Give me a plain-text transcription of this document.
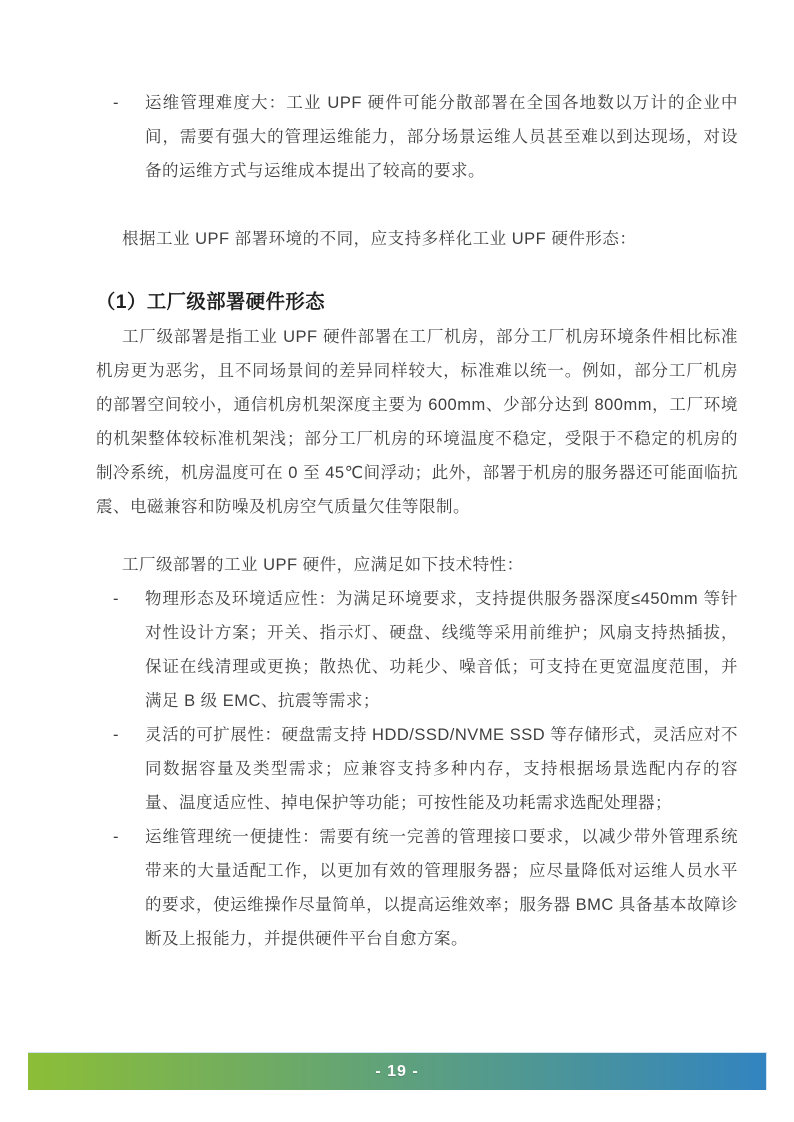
-	运维管理难度大：工业 UPF 硬件可能分散部署在全国各地数以万计的企业中间，需要有强大的管理运维能力，部分场景运维人员甚至难以到达现场，对设备的运维方式与运维成本提出了较高的要求。

根据工业 UPF 部署环境的不同，应支持多样化工业 UPF 硬件形态：

（1）工厂级部署硬件形态

工厂级部署是指工业 UPF 硬件部署在工厂机房，部分工厂机房环境条件相比标准机房更为恶劣，且不同场景间的差异同样较大，标准难以统一。例如，部分工厂机房的部署空间较小，通信机房机架深度主要为 600mm、少部分达到 800mm，工厂环境的机架整体较标准机架浅；部分工厂机房的环境温度不稳定，受限于不稳定的机房的制冷系统，机房温度可在 0 至 45℃间浮动；此外，部署于机房的服务器还可能面临抗震、电磁兼容和防噪及机房空气质量欠佳等限制。

工厂级部署的工业 UPF 硬件，应满足如下技术特性：

-	物理形态及环境适应性：为满足环境要求，支持提供服务器深度≤450mm 等针对性设计方案；开关、指示灯、硬盘、线缆等采用前维护；风扇支持热插拔，保证在线清理或更换；散热优、功耗少、噪音低；可支持在更宽温度范围，并满足 B 级 EMC、抗震等需求；
-	灵活的可扩展性：硬盘需支持 HDD/SSD/NVME SSD 等存储形式，灵活应对不同数据容量及类型需求；应兼容支持多种内存，支持根据场景选配内存的容量、温度适应性、掉电保护等功能；可按性能及功耗需求选配处理器；
-	运维管理统一便捷性：需要有统一完善的管理接口要求，以减少带外管理系统带来的大量适配工作，以更加有效的管理服务器；应尽量降低对运维人员水平的要求，使运维操作尽量简单，以提高运维效率；服务器 BMC 具备基本故障诊断及上报能力，并提供硬件平台自愈方案。
- 19 -
